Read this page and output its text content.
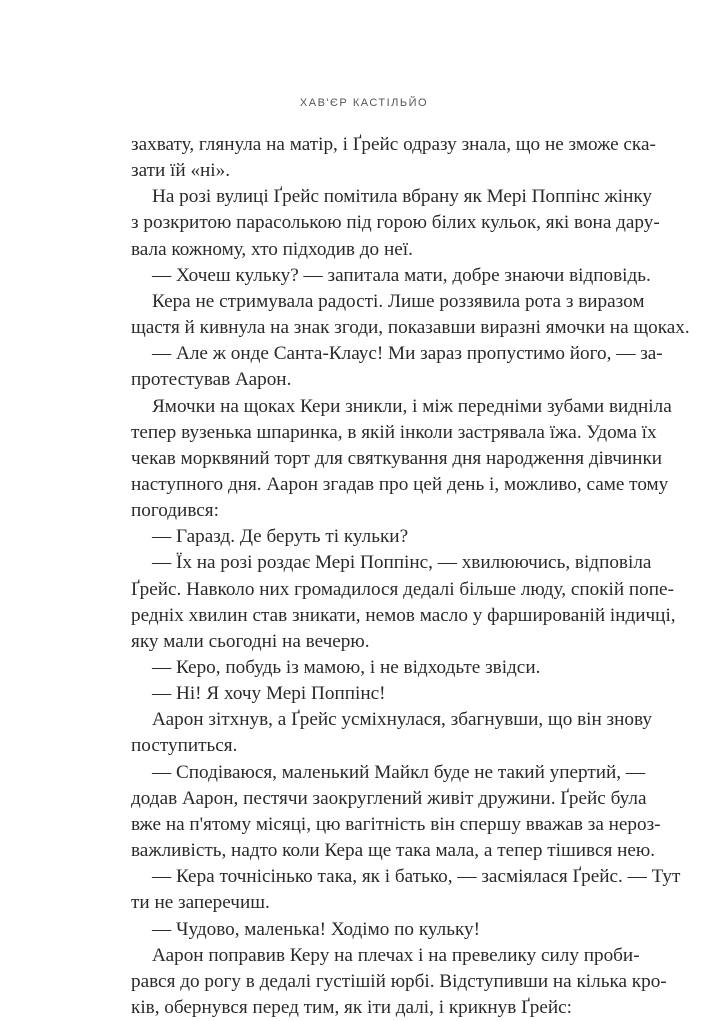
ХАВ'ЄР КАСТІЛЬЙО
захвату, глянула на матір, і Ґрейс одразу знала, що не зможе ска-
зати їй «ні».
На розі вулиці Ґрейс помітила вбрану як Мері Поппінс жінку
з розкритою парасолькою під горою білих кульок, які вона дару-
вала кожному, хто підходив до неї.
— Хочеш кульку? — запитала мати, добре знаючи відповідь.
Кера не стримувала радості. Лише роззявила рота з виразом
щастя й кивнула на знак згоди, показавши виразні ямочки на щоках.
— Але ж онде Санта-Клаус! Ми зараз пропустимо його, — за-
протестував Аарон.
Ямочки на щоках Кери зникли, і між передніми зубами видніла
тепер вузенька шпаринка, в якій інколи застрявала їжа. Удома їх
чекав морквяний торт для святкування дня народження дівчинки
наступного дня. Аарон згадав про цей день і, можливо, саме тому
погодився:
— Гаразд. Де беруть ті кульки?
— Їх на розі роздає Мері Поппінс, — хвилюючись, відповіла
Ґрейс. Навколо них громадилося дедалі більше люду, спокій попе-
редніх хвилин став зникати, немов масло у фаршированій індичці,
яку мали сьогодні на вечерю.
— Керо, побудь із мамою, і не відходьте звідси.
— Ні! Я хочу Мері Поппінс!
Аарон зітхнув, а Ґрейс усміхнулася, збагнувши, що він знову
поступиться.
— Сподіваюся, маленький Майкл буде не такий упертий, —
додав Аарон, пестячи заокруглений живіт дружини. Ґрейс була
вже на п'ятому місяці, цю вагітність він спершу вважав за нероз-
важливість, надто коли Кера ще така мала, а тепер тішився нею.
— Кера точнісінько така, як і батько, — засміялася Ґрейс. — Тут
ти не заперечиш.
— Чудово, маленька! Ходімо по кульку!
Аарон поправив Керу на плечах і на превелику силу проби-
рався до рогу в дедалі густішій юрбі. Відступивши на кілька кро-
ків, обернувся перед тим, як іти далі, і крикнув Ґрейс:
